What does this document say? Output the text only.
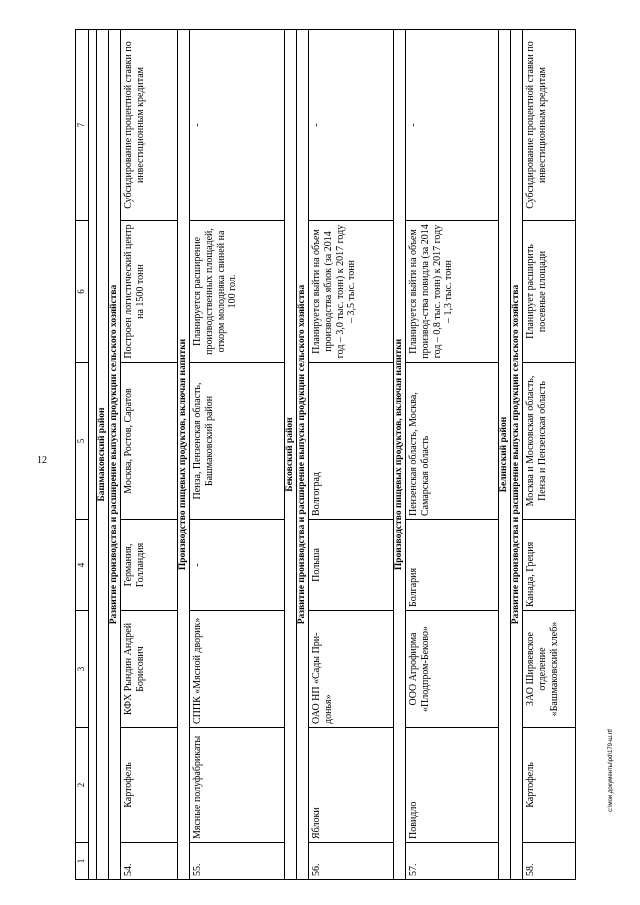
12
1	2	3	4	5	6	7

Башмаковский район						
Развитие производства и расширение выпуска продукции сельского хозяйства						
54.	Картофель	КФХ Рындин Андрей Борисович	Германия, Голландия	Москва, Ростов, Саратов	Построен логистический центр на 1500 тонн	Субсидирование процентной ставки по инвестиционным кредитам
Производство пищевых продуктов, включая напитки						
55.	Мясные полуфабрикаты	СППК «Мясной дворик»	-	Пенза, Пензенская область, Башмаковский район	Планируется расширение производственных площадей, откорм молодняка свиней на 100 гол.	-
Бековский район						
Развитие производства и расширение выпуска продукции сельского хозяйства						
56.	Яблоки	ОАО НП «Сады При-донья»	Польша	Волгоград	Планируется выйти на объем производства яблок (за 2014 год – 3,0 тыс. тонн) к 2017 году – 3,5 тыс. тонн	-
Производство пищевых продуктов, включая напитки						
57.	Повидло	ООО Агрофирма «Плодпром-Беково»	Болгария	Пензенская область, Москва, Самарская область	Планируется выйти на объем производ-ства повидла (за 2014 год – 0,8 тыс. тонн) к 2017 году – 1,3 тыс. тонн	-
Белинский район						
Развитие производства и расширение выпуска продукции сельского хозяйства						
58.	Картофель	ЗАО Ширяевское отделение «Башмаковский хлеб»	Канада, Греция	Москва и Московская область, Пенза и Пензенская область	Планирует расширить посевные площади	Субсидирование процентной ставки по инвестиционным кредитам
c:\мои документы\pd\179-ш.rtf
